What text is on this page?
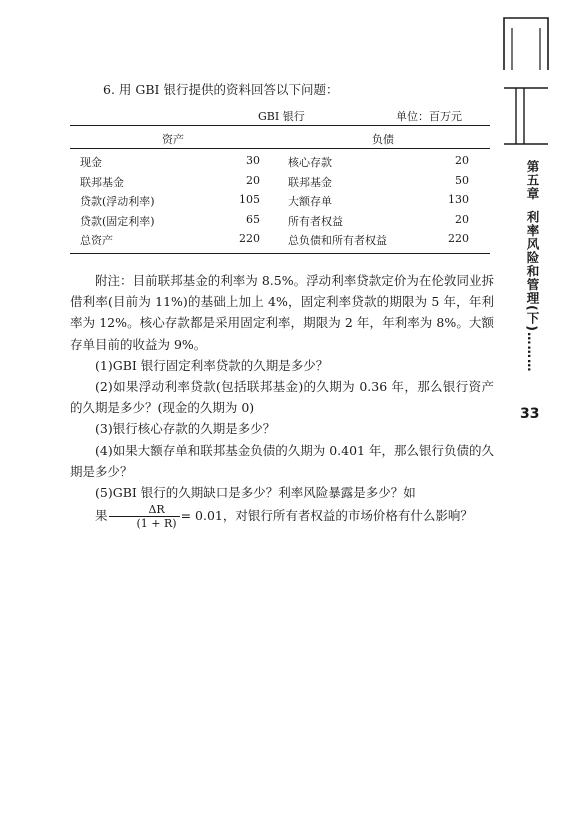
第五章利率风险和管理(下)………
33
6. 用 GBI 银行提供的资料回答以下问题：
GBI 银行	单位：百万元
资产	负债
现金	30	核心存款	20
联邦基金	20	联邦基金	50
贷款(浮动利率)	105	大额存单	130
贷款(固定利率)	65	所有者权益	20
总资产	220	总负债和所有者权益	220

附注：目前联邦基金的利率为 8.5%。浮动利率贷款定价为在伦敦同业拆借利率(目前为 11%)的基础上加上 4%，固定利率贷款的期限为 5 年，年利率为 12%。核心存款都是采用固定利率，期限为 2 年，年利率为 8%。大额存单目前的收益为 9%。

(1)GBI 银行固定利率贷款的久期是多少？

(2)如果浮动利率贷款(包括联邦基金)的久期为 0.36 年，那么银行资产的久期是多少？(现金的久期为 0)

(3)银行核心存款的久期是多少？

(4)如果大额存单和联邦基金负债的久期为 0.401 年，那么银行负债的久期是多少？

(5)GBI 银行的久期缺口是多少？利率风险暴露是多少？如

果 $\frac{\Delta R}{(1 + R)} = 0.01$，对银行所有者权益的市场价格有什么影响？
